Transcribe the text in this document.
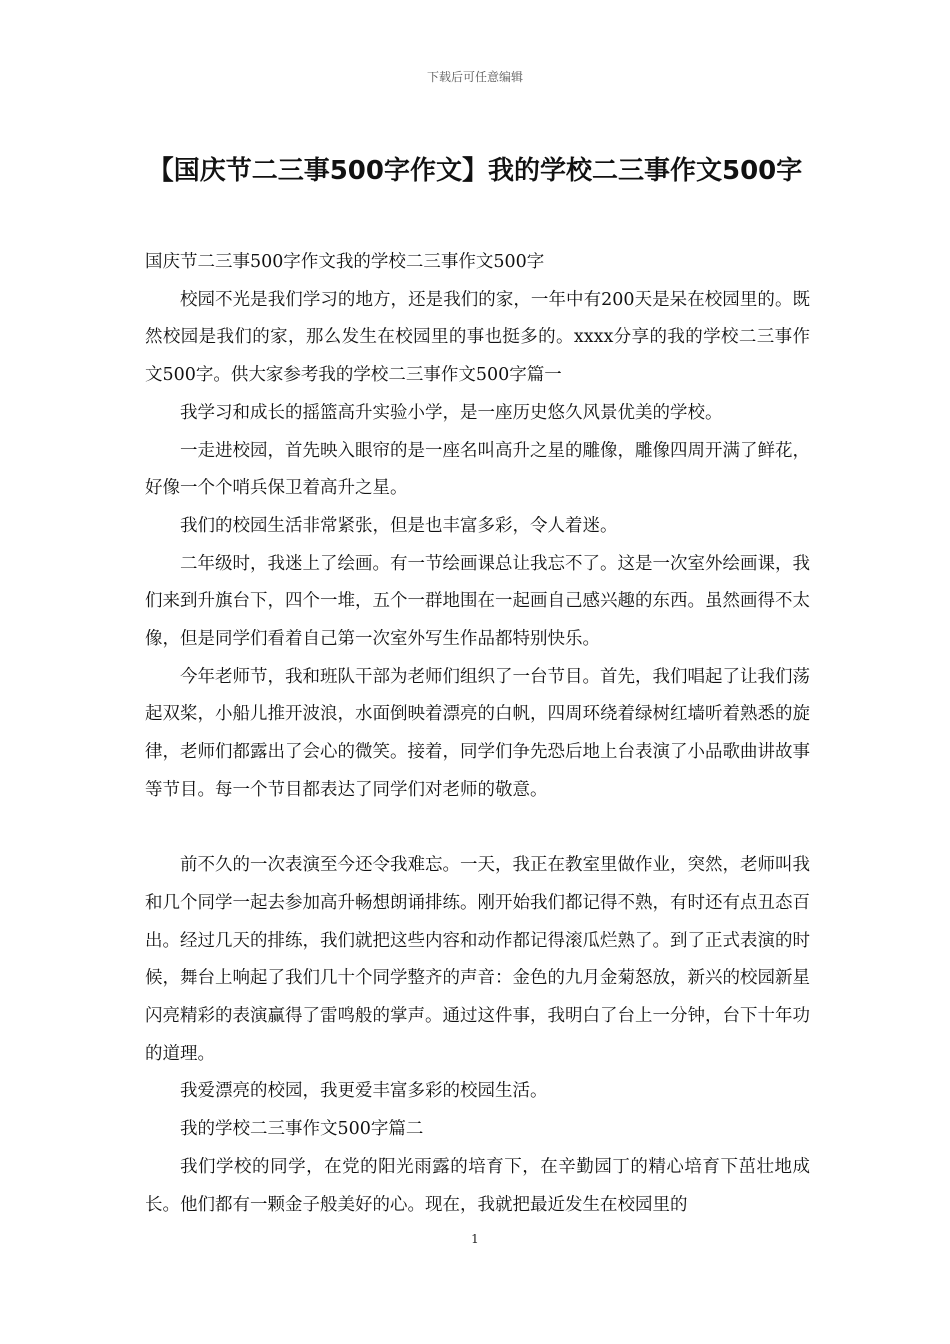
下载后可任意编辑
【国庆节二三事500字作文】我的学校二三事作文500字

国庆节二三事500字作文我的学校二三事作文500字

校园不光是我们学习的地方，还是我们的家，一年中有200天是呆在校园里的。既然校园是我们的家，那么发生在校园里的事也挺多的。xxxx分享的我的学校二三事作文500字。供大家参考我的学校二三事作文500字篇一

我学习和成长的摇篮高升实验小学，是一座历史悠久风景优美的学校。

一走进校园，首先映入眼帘的是一座名叫高升之星的雕像，雕像四周开满了鲜花，好像一个个哨兵保卫着高升之星。

我们的校园生活非常紧张，但是也丰富多彩，令人着迷。

二年级时，我迷上了绘画。有一节绘画课总让我忘不了。这是一次室外绘画课，我们来到升旗台下，四个一堆，五个一群地围在一起画自己感兴趣的东西。虽然画得不太像，但是同学们看着自己第一次室外写生作品都特别快乐。

今年老师节，我和班队干部为老师们组织了一台节目。首先，我们唱起了让我们荡起双桨，小船儿推开波浪，水面倒映着漂亮的白帆，四周环绕着绿树红墙听着熟悉的旋律，老师们都露出了会心的微笑。接着，同学们争先恐后地上台表演了小品歌曲讲故事等节目。每一个节目都表达了同学们对老师的敬意。

前不久的一次表演至今还令我难忘。一天，我正在教室里做作业，突然，老师叫我和几个同学一起去参加高升畅想朗诵排练。刚开始我们都记得不熟，有时还有点丑态百出。经过几天的排练，我们就把这些内容和动作都记得滚瓜烂熟了。到了正式表演的时候，舞台上响起了我们几十个同学整齐的声音：金色的九月金菊怒放，新兴的校园新星闪亮精彩的表演赢得了雷鸣般的掌声。通过这件事，我明白了台上一分钟，台下十年功的道理。

我爱漂亮的校园，我更爱丰富多彩的校园生活。

我的学校二三事作文500字篇二

我们学校的同学，在党的阳光雨露的培育下，在辛勤园丁的精心培育下茁壮地成长。他们都有一颗金子般美好的心。现在，我就把最近发生在校园里的

1
